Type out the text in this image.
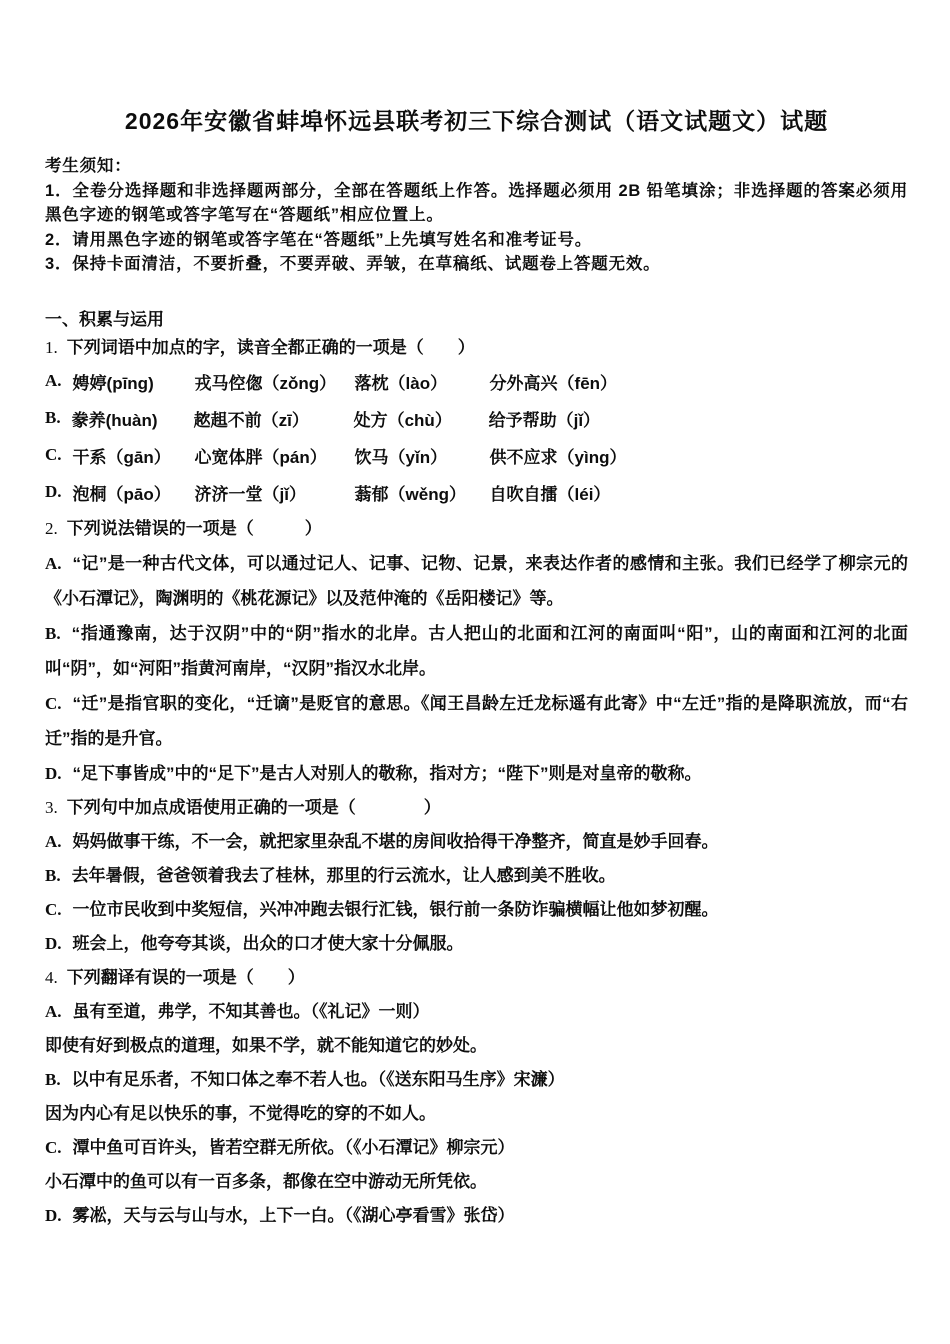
2026年安徽省蚌埠怀远县联考初三下综合测试（语文试题文）试题

考生须知：

1．全卷分选择题和非选择题两部分，全部在答题纸上作答。选择题必须用 2B 铅笔填涂；非选择题的答案必须用黑色字迹的钢笔或答字笔写在“答题纸”相应位置上。

2．请用黑色字迹的钢笔或答字笔在“答题纸”上先填写姓名和准考证号。

3．保持卡面清洁，不要折叠，不要弄破、弄皱，在草稿纸、试题卷上答题无效。

一、积累与运用

1. 下列词语中加点的字，读音全都正确的一项是（　　）

A. 娉婷(pīng)	戎马倥偬（zǒng）	落枕（lào）	分外高兴（fēn）
B. 豢养(huàn)	趑趄不前（zī）	处方（chù）	给予帮助（jǐ）
C. 干系（gān）	心宽体胖（pán）	饮马（yǐn）	供不应求（yìng）
D. 泡桐（pāo）	济济一堂（jǐ）	蓊郁（wěng）	自吹自擂（léi）

2. 下列说法错误的一项是（　　　）

A. “记”是一种古代文体，可以通过记人、记事、记物、记景，来表达作者的感情和主张。我们已经学了柳宗元的《小石潭记》，陶渊明的《桃花源记》以及范仲淹的《岳阳楼记》等。

B. “指通豫南，达于汉阴”中的“阴”指水的北岸。古人把山的北面和江河的南面叫“阳”，山的南面和江河的北面叫“阴”，如“河阳”指黄河南岸，“汉阴”指汉水北岸。

C. “迁”是指官职的变化，“迁谪”是贬官的意思。《闻王昌龄左迁龙标遥有此寄》中“左迁”指的是降职流放，而“右迁”指的是升官。

D. “足下事皆成”中的“足下”是古人对别人的敬称，指对方；“陛下”则是对皇帝的敬称。

3. 下列句中加点成语使用正确的一项是（　　　　）

A. 妈妈做事干练，不一会，就把家里杂乱不堪的房间收拾得干净整齐，简直是妙手回春。

B. 去年暑假，爸爸领着我去了桂林，那里的行云流水，让人感到美不胜收。

C. 一位市民收到中奖短信，兴冲冲跑去银行汇钱，银行前一条防诈骗横幅让他如梦初醒。

D. 班会上，他夸夸其谈，出众的口才使大家十分佩服。

4. 下列翻译有误的一项是（　　）

A. 虽有至道，弗学，不知其善也。（《礼记》一则）

即使有好到极点的道理，如果不学，就不能知道它的妙处。

B. 以中有足乐者，不知口体之奉不若人也。（《送东阳马生序》宋濂）

因为内心有足以快乐的事，不觉得吃的穿的不如人。

C. 潭中鱼可百许头，皆若空群无所依。（《小石潭记》柳宗元）

小石潭中的鱼可以有一百多条，都像在空中游动无所凭依。

D. 雾凇，天与云与山与水，上下一白。（《湖心亭看雪》张岱）
